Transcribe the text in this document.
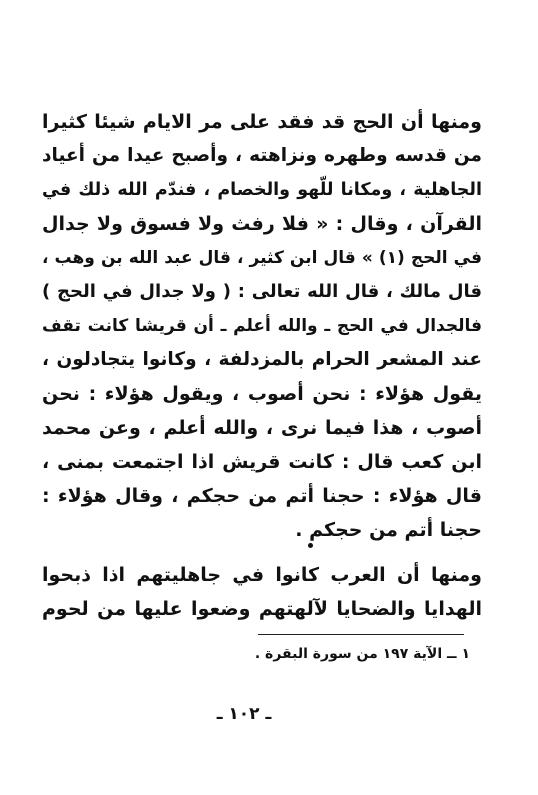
ومنها أن الحج قد فقد على مر الايام شيئا كثيرا
من قدسه وطهره ونزاهته ، وأصبح عيدا من أعياد
الجاهلية ، ومكانا للّهو والخصام ، فندّم الله ذلك في
القرآن ، وقال : « فلا رفث ولا فسوق ولا جدال
في الحج (١) » قال ابن كثير ، قال عبد الله بن وهب ،
قال مالك ، قال الله تعالى : ( ولا جدال في الحج )
فالجدال في الحج ـ والله أعلم ـ أن قريشا كانت تقف
عند المشعر الحرام بالمزدلفة ، وكانوا يتجادلون ،
يقول هؤلاء : نحن أصوب ، ويقول هؤلاء : نحن
أصوب ، هذا فيما نرى ، والله أعلم ، وعن محمد
ابن كعب قال : كانت قريش اذا اجتمعت بمنى ،
قال هؤلاء : حجنا أتم من حجكم ، وقال هؤلاء :
حجنا أتم من حجكم .
ومنها أن العرب كانوا في جاهليتهم اذا ذبحوا
الهدايا والضحايا لآلهتهم وضعوا عليها من لحوم
١ ــ الآية ١٩٧ من سورة البقرة .
ـ ١٠٢ ـ
